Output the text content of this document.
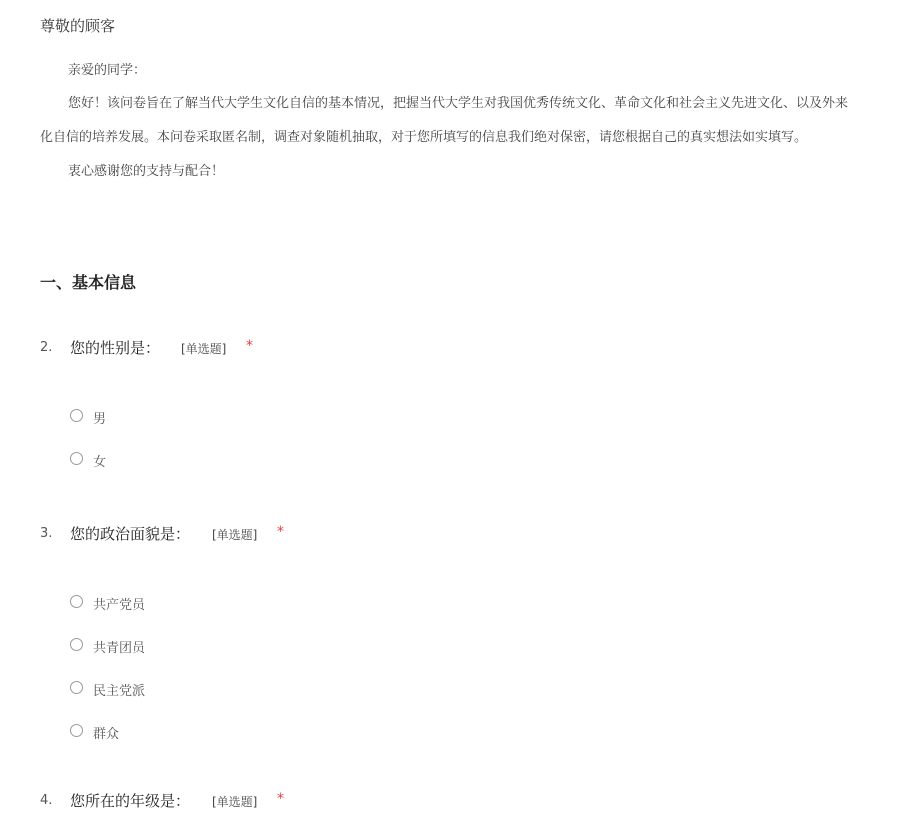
尊敬的顾客
亲爱的同学：
您好！该问卷旨在了解当代大学生文化自信的基本情况，把握当代大学生对我国优秀传统文化、革命文化和社会主义先进文化、以及外来
化自信的培养发展。本问卷采取匿名制，调查对象随机抽取，对于您所填写的信息我们绝对保密，请您根据自己的真实想法如实填写。
衷心感谢您的支持与配合！
一、基本信息
2. 您的性别是： [单选题] *
男
女
3. 您的政治面貌是： [单选题] *
共产党员
共青团员
民主党派
群众
4. 您所在的年级是： [单选题] *
